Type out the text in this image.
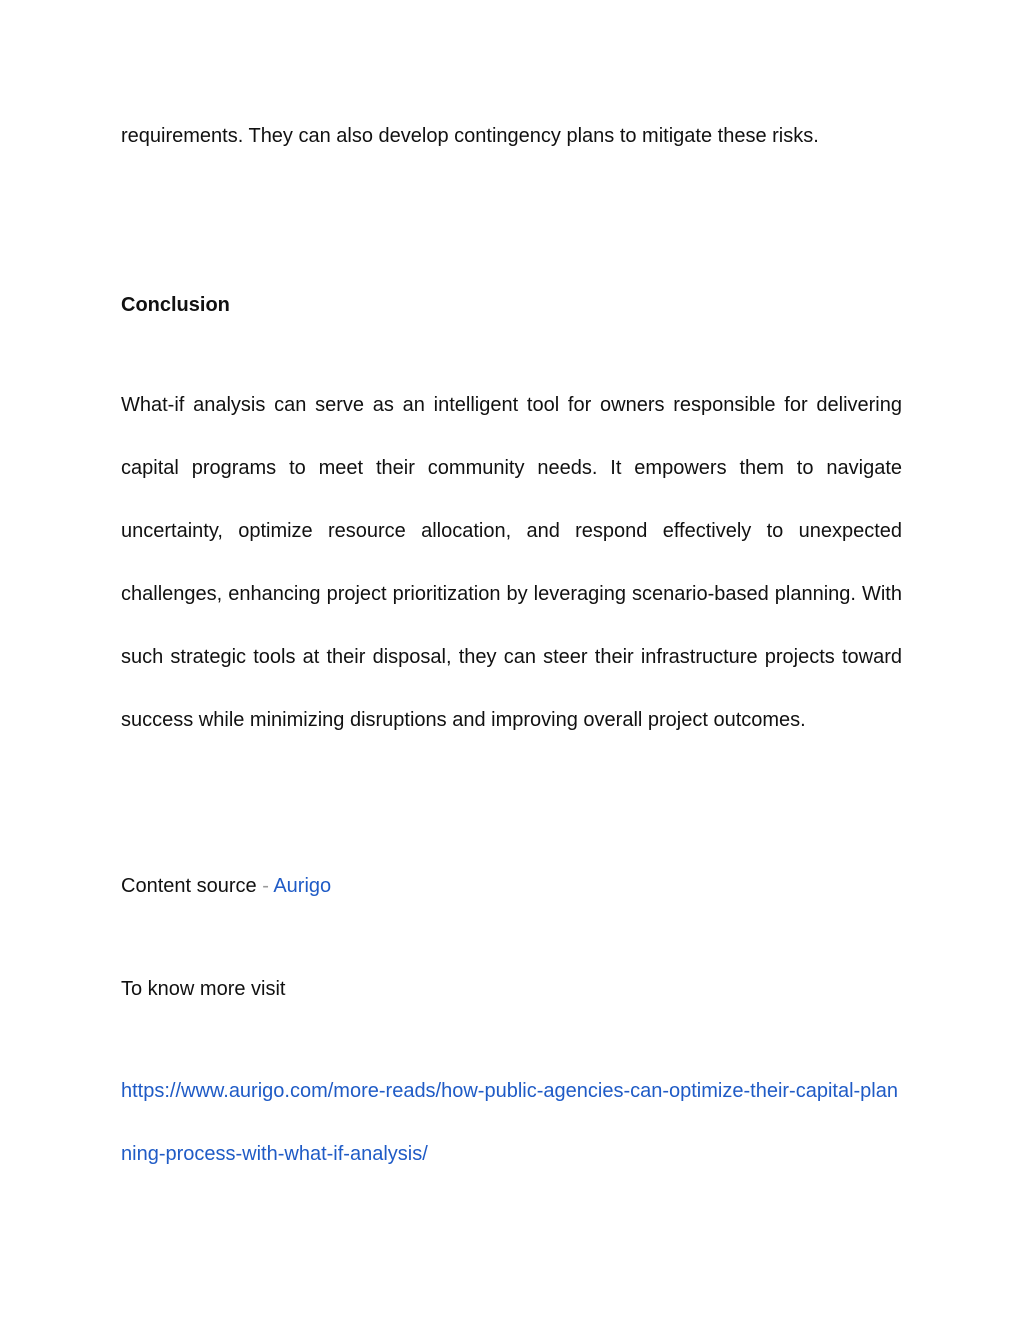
requirements. They can also develop contingency plans to mitigate these risks.

Conclusion

What-if analysis can serve as an intelligent tool for owners responsible for delivering capital programs to meet their community needs. It empowers them to navigate uncertainty, optimize resource allocation, and respond effectively to unexpected challenges, enhancing project prioritization by leveraging scenario-based planning. With such strategic tools at their disposal, they can steer their infrastructure projects toward success while minimizing disruptions and improving overall project outcomes.

Content source - Aurigo
To know more visit
https://www.aurigo.com/more-reads/how-public-agencies-can-optimize-their-capital-planning-process-with-what-if-analysis/
